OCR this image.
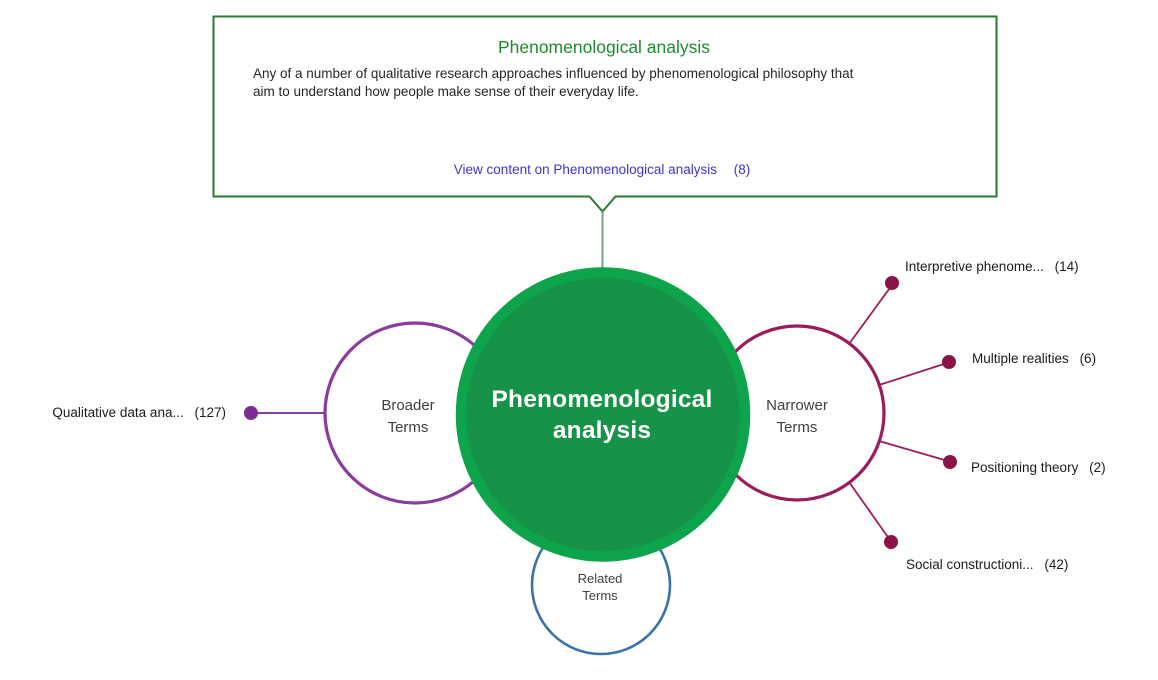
Broader
Terms
Narrower
Terms
Related
Terms
Phenomenological
analysis
Qualitative data ana... (127)
Interpretive phenome... (14)
Multiple realities (6)
Positioning theory (2)
Social constructioni... (42)
Phenomenological analysis
Any of a number of qualitative research approaches influenced by phenomenological philosophy that
aim to understand how people make sense of their everyday life.
View content on Phenomenological analysis (8)
